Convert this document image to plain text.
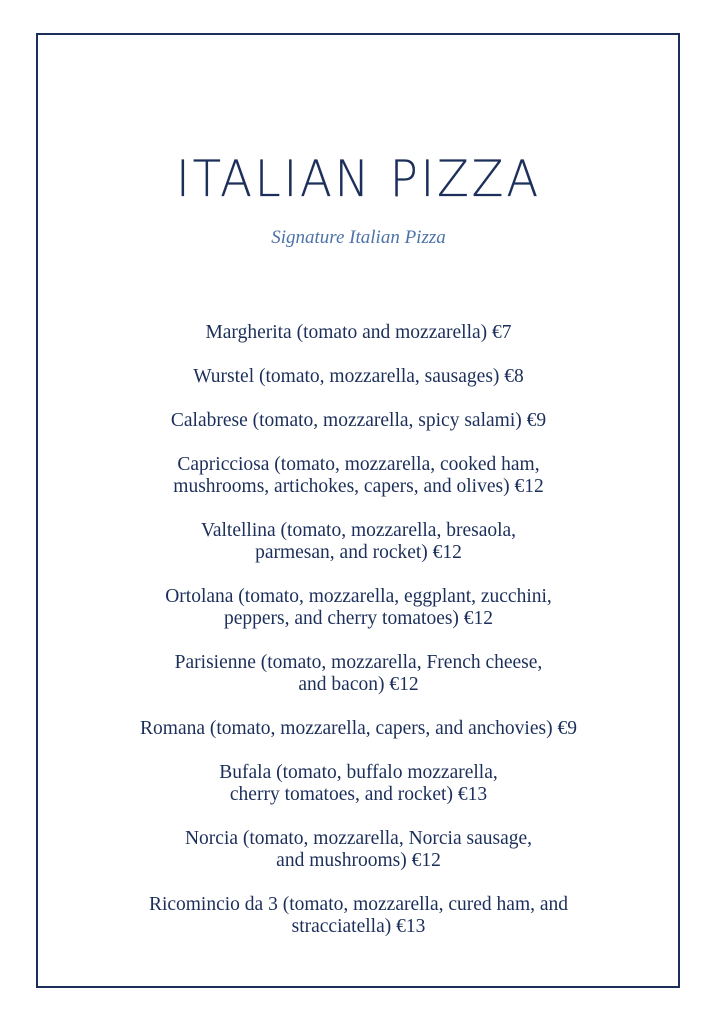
ITALIAN PIZZA
Signature Italian Pizza
Margherita (tomato and mozzarella) €7
Wurstel (tomato, mozzarella, sausages) €8
Calabrese (tomato, mozzarella, spicy salami) €9
Capricciosa (tomato, mozzarella, cooked ham,
mushrooms, artichokes, capers, and olives) €12
Valtellina (tomato, mozzarella, bresaola,
parmesan, and rocket) €12
Ortolana (tomato, mozzarella, eggplant, zucchini,
peppers, and cherry tomatoes) €12
Parisienne (tomato, mozzarella, French cheese,
and bacon) €12
Romana (tomato, mozzarella, capers, and anchovies) €9
Bufala (tomato, buffalo mozzarella,
cherry tomatoes, and rocket) €13
Norcia (tomato, mozzarella, Norcia sausage,
and mushrooms) €12
Ricomincio da 3 (tomato, mozzarella, cured ham, and
stracciatella) €13
